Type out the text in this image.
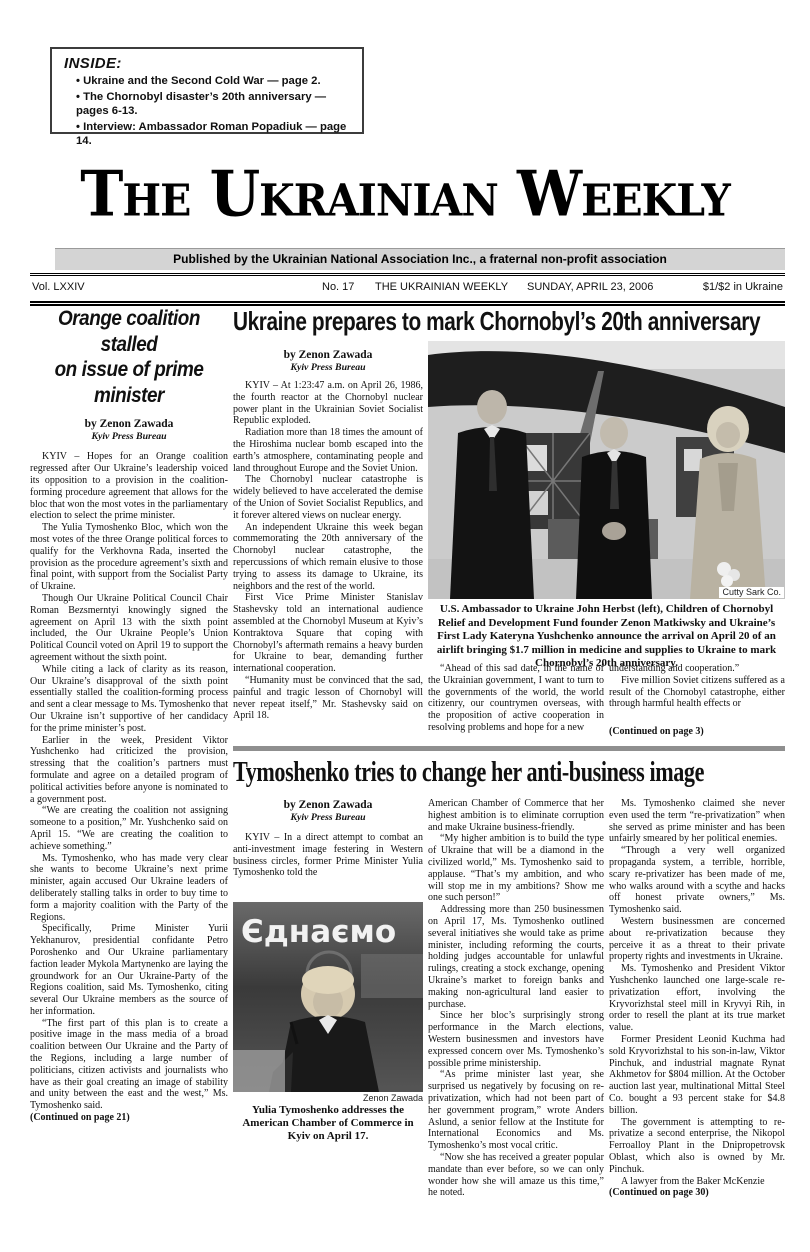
INSIDE:
• Ukraine and the Second Cold War — page 2.
• The Chornobyl disaster’s 20th anniversary — pages 6-13.
• Interview: Ambassador Roman Popadiuk — page 14.
The Ukrainian Weekly
Published by the Ukrainian National Association Inc., a fraternal non-profit association
Vol. LXXIV	No. 17 THE UKRAINIAN WEEKLY SUNDAY, APRIL 23, 2006	$1/$2 in Ukraine
Orange coalition stalled
on issue of prime minister
by Zenon Zawada
Kyiv Press Bureau

KYIV – Hopes for an Orange coalition regressed after Our Ukraine’s leadership voiced its opposition to a provision in the coalition-forming procedure agreement that allows for the bloc that won the most votes in the parliamentary election to select the prime minister.

The Yulia Tymoshenko Bloc, which won the most votes of the three Orange political forces to qualify for the Verkhovna Rada, inserted the provision as the procedure agreement’s sixth and final point, with support from the Socialist Party of Ukraine.

Though Our Ukraine Political Council Chair Roman Bezsmerntyi knowingly signed the agreement on April 13 with the sixth point included, the Our Ukraine People’s Union Political Council voted on April 19 to support the agreement without the sixth point.

While citing a lack of clarity as its reason, Our Ukraine’s disapproval of the sixth point essentially stalled the coalition-forming process and sent a clear message to Ms. Tymoshenko that Our Ukraine isn’t supportive of her candidacy for the prime minister’s post.

Earlier in the week, President Viktor Yushchenko had criticized the provision, stressing that the coalition’s partners must formulate and agree on a detailed program of political activities before anyone is nominated to a government post.

“We are creating the coalition not assigning someone to a position,” Mr. Yushchenko said on April 15. “We are creating the coalition to achieve something.”

Ms. Tymoshenko, who has made very clear she wants to become Ukraine’s next prime minister, again accused Our Ukraine leaders of deliberately stalling talks in order to buy time to form a majority coalition with the Party of the Regions.

Specifically, Prime Minister Yurii Yekhanurov, presidential confidante Petro Poroshenko and Our Ukraine parliamentary faction leader Mykola Martynenko are laying the groundwork for an Our Ukraine-Party of the Regions coalition, said Ms. Tymoshenko, citing several Our Ukraine members as the source of her information.

“The first part of this plan is to create a positive image in the mass media of a broad coalition between Our Ukraine and the Party of the Regions, including a large number of politicians, citizen activists and journalists who have as their goal creating an image of stability and unity between the east and the west,” Ms. Tymoshenko said.

(Continued on page 21)

Ukraine prepares to mark Chornobyl’s 20th anniversary
by Zenon Zawada
Kyiv Press Bureau

KYIV – At 1:23:47 a.m. on April 26, 1986, the fourth reactor at the Chornobyl nuclear power plant in the Ukrainian Soviet Socialist Republic exploded.

Radiation more than 18 times the amount of the Hiroshima nuclear bomb escaped into the earth’s atmosphere, contaminating people and land throughout Europe and the Soviet Union.

The Chornobyl nuclear catastrophe is widely believed to have accelerated the demise of the Union of Soviet Socialist Republics, and it forever altered views on nuclear energy.

An independent Ukraine this week began commemorating the 20th anniversary of the Chornobyl nuclear catastrophe, the repercussions of which remain elusive to those trying to assess its damage to Ukraine, its neighbors and the rest of the world.

First Vice Prime Minister Stanislav Stashevsky told an international audience assembled at the Chornobyl Museum at Kyiv’s Kontraktova Square that coping with Chornobyl’s aftermath remains a heavy burden for Ukraine to bear, demanding further international cooperation.

“Humanity must be convinced that the sad, painful and tragic lesson of Chornobyl will never repeat itself,” Mr. Stashevsky said on April 18.

Cutty Sark Co.
U.S. Ambassador to Ukraine John Herbst (left), Children of Chornobyl Relief and Development Fund founder Zenon Matkiwsky and Ukraine’s First Lady Kateryna Yushchenko announce the arrival on April 20 of an airlift bringing $1.7 million in medicine and supplies to Ukraine to mark Chornobyl’s 20th anniversary.

“Ahead of this sad date, in the name of the Ukrainian government, I want to turn to the governments of the world, the world citizenry, our countrymen overseas, with the proposition of active cooperation in resolving problems and hope for a new

understanding and cooperation.”

Five million Soviet citizens suffered as a result of the Chornobyl catastrophe, either through harmful health effects or

(Continued on page 3)

Tymoshenko tries to change her anti-business image
by Zenon Zawada
Kyiv Press Bureau

KYIV – In a direct attempt to combat an anti-investment image festering in Western business circles, former Prime Minister Yulia Tymoshenko told the

Єднаємо
Zenon Zawada
Yulia Tymoshenko addresses the American Chamber of Commerce in Kyiv on April 17.

American Chamber of Commerce that her highest ambition is to eliminate corruption and make Ukraine business-friendly.

“My higher ambition is to build the type of Ukraine that will be a diamond in the civilized world,” Ms. Tymoshenko said to applause. “That’s my ambition, and who will stop me in my ambitions? Show me one such person!”

Addressing more than 250 businessmen on April 17, Ms. Tymoshenko outlined several initiatives she would take as prime minister, including reforming the courts, holding judges accountable for unlawful rulings, creating a stock exchange, opening Ukraine’s market to foreign banks and making non-agricultural land easier to purchase.

Since her bloc’s surprisingly strong performance in the March elections, Western businessmen and investors have expressed concern over Ms. Tymoshenko’s possible prime ministership.

“As prime minister last year, she surprised us negatively by focusing on re-privatization, which had not been part of her government program,” wrote Anders Aslund, a senior fellow at the Institute for International Economics and Ms. Tymoshenko’s most vocal critic.

“Now she has received a greater popular mandate than ever before, so we can only wonder how she will amaze us this time,” he noted.

Ms. Tymoshenko claimed she never even used the term “re-privatization” when she served as prime minister and has been unfairly smeared by her political enemies.

“Through a very well organized propaganda system, a terrible, horrible, scary re-privatizer has been made of me, who walks around with a scythe and hacks off honest private owners,” Ms. Tymoshenko said.

Western businessmen are concerned about re-privatization because they perceive it as a threat to their private property rights and investments in Ukraine.

Ms. Tymoshenko and President Viktor Yushchenko launched one large-scale re-privatization effort, involving the Kryvorizhstal steel mill in Kryvyi Rih, in order to resell the plant at its true market value.

Former President Leonid Kuchma had sold Kryvorizhstal to his son-in-law, Viktor Pinchuk, and industrial magnate Rynat Akhmetov for $804 million. At the October auction last year, multinational Mittal Steel Co. bought a 93 percent stake for $4.8 billion.

The government is attempting to re-privatize a second enterprise, the Nikopol Ferroalloy Plant in the Dnipropetrovsk Oblast, which also is owned by Mr. Pinchuk.

A lawyer from the Baker McKenzie

(Continued on page 30)
